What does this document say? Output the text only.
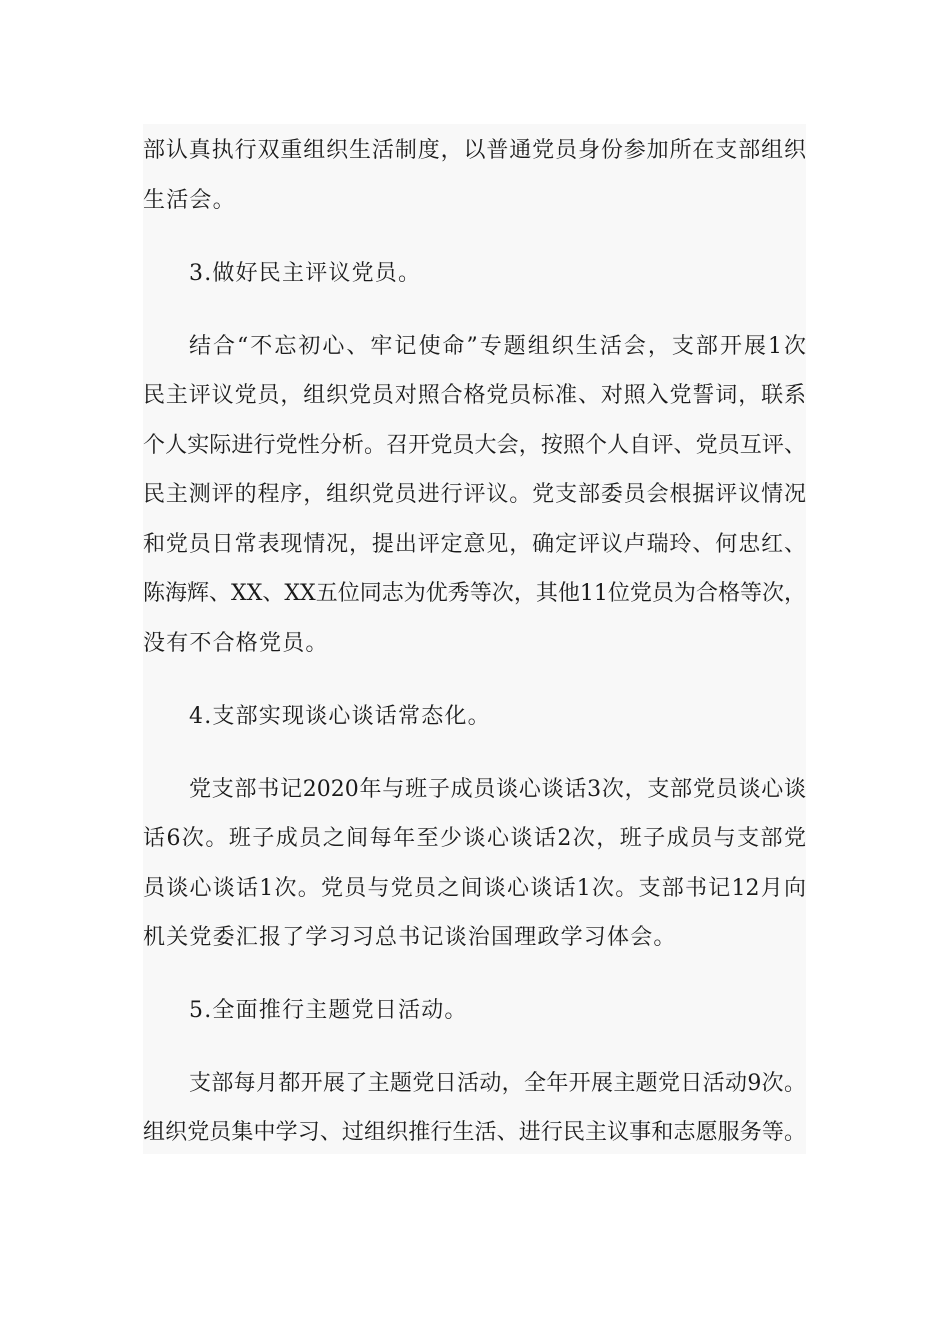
部认真执行双重组织生活制度，以普通党员身份参加所在支部组织
生活会。
3.做好民主评议党员。
结合“不忘初心、牢记使命”专题组织生活会，支部开展1次
民主评议党员，组织党员对照合格党员标准、对照入党誓词，联系
个人实际进行党性分析。召开党员大会，按照个人自评、党员互评、
民主测评的程序，组织党员进行评议。党支部委员会根据评议情况
和党员日常表现情况，提出评定意见，确定评议卢瑞玲、何忠红、
陈海辉、XX、XX五位同志为优秀等次，其他11位党员为合格等次，
没有不合格党员。
4.支部实现谈心谈话常态化。
党支部书记2020年与班子成员谈心谈话3次，支部党员谈心谈
话6次。班子成员之间每年至少谈心谈话2次，班子成员与支部党
员谈心谈话1次。党员与党员之间谈心谈话1次。支部书记12月向
机关党委汇报了学习习总书记谈治国理政学习体会。
5.全面推行主题党日活动。
支部每月都开展了主题党日活动，全年开展主题党日活动9次。
组织党员集中学习、过组织推行生活、进行民主议事和志愿服务等。
